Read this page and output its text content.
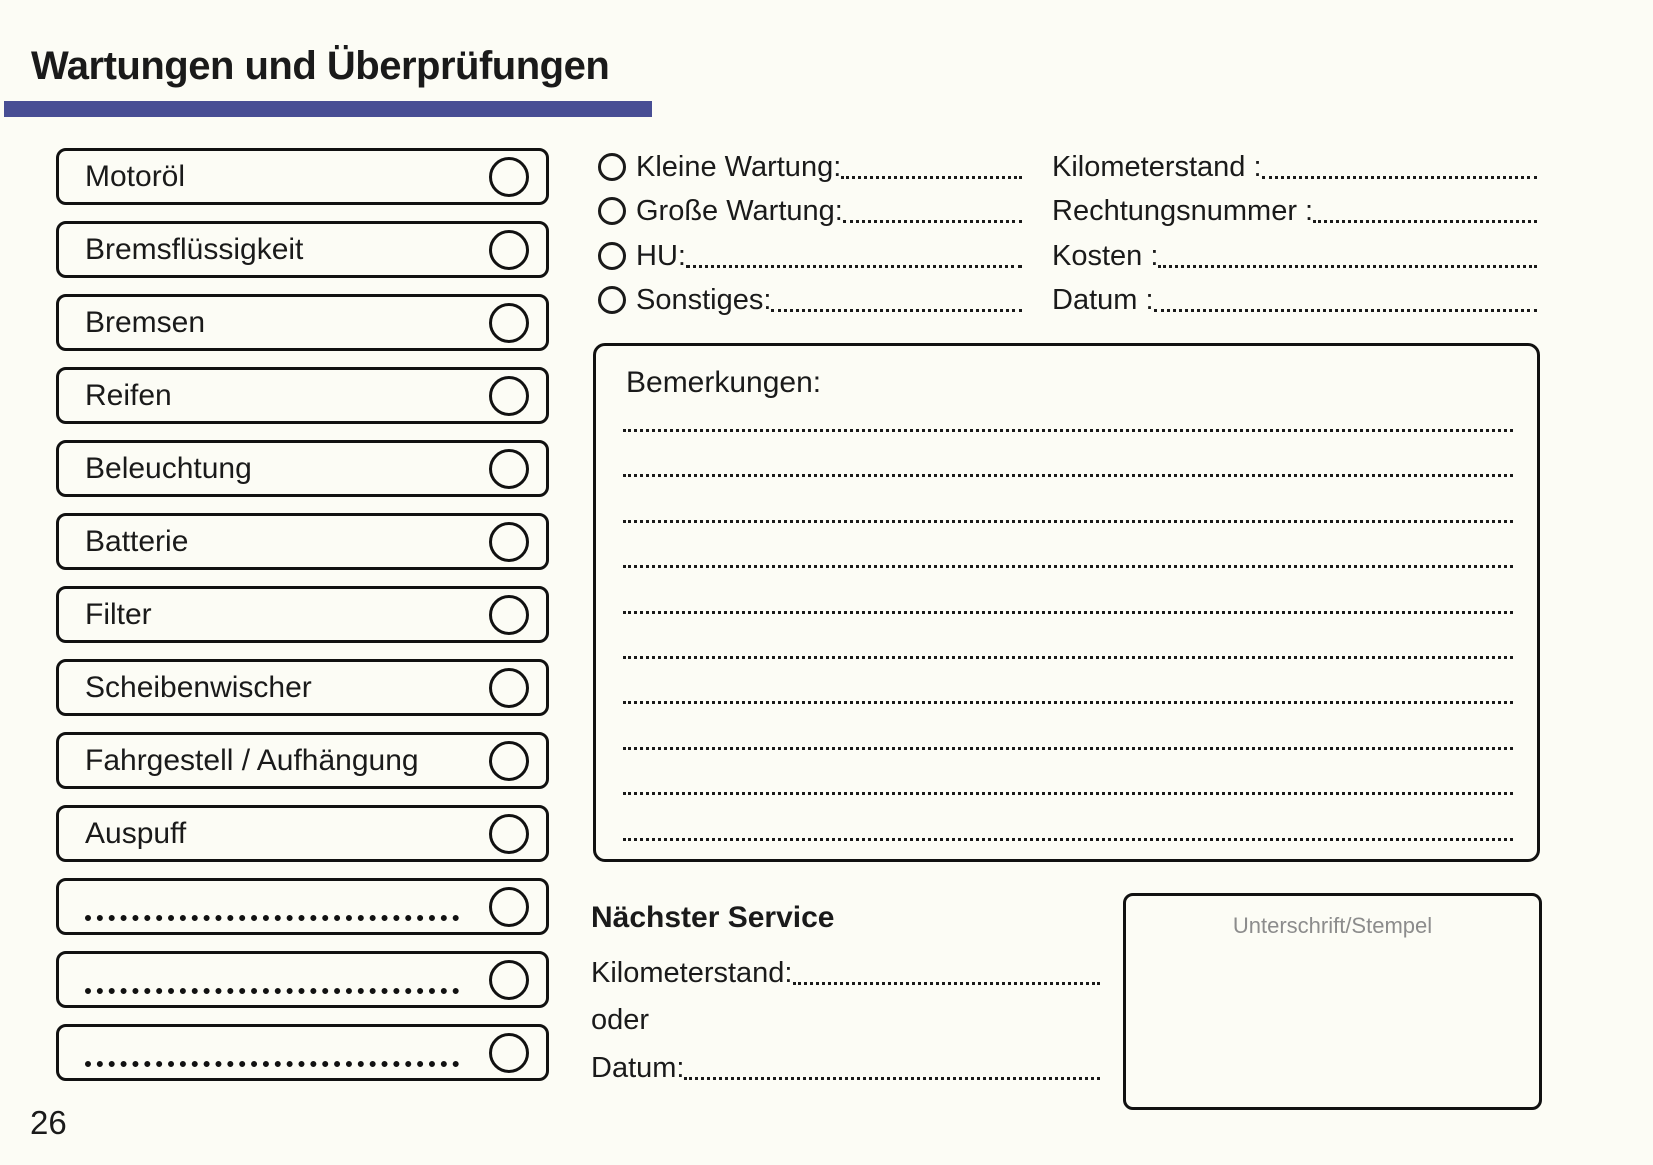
Wartungen und Überprüfungen
Motoröl
Bremsflüssigkeit
Bremsen
Reifen
Beleuchtung
Batterie
Filter
Scheibenwischer
Fahrgestell / Aufhängung
Auspuff
Kleine Wartung:
Große Wartung:
HU:
Sonstiges:
Kilometerstand :
Rechtungsnummer :
Kosten :
Datum :
Bemerkungen:
Nächster Service
Kilometerstand:
oder
Datum:
Unterschrift/Stempel
26
